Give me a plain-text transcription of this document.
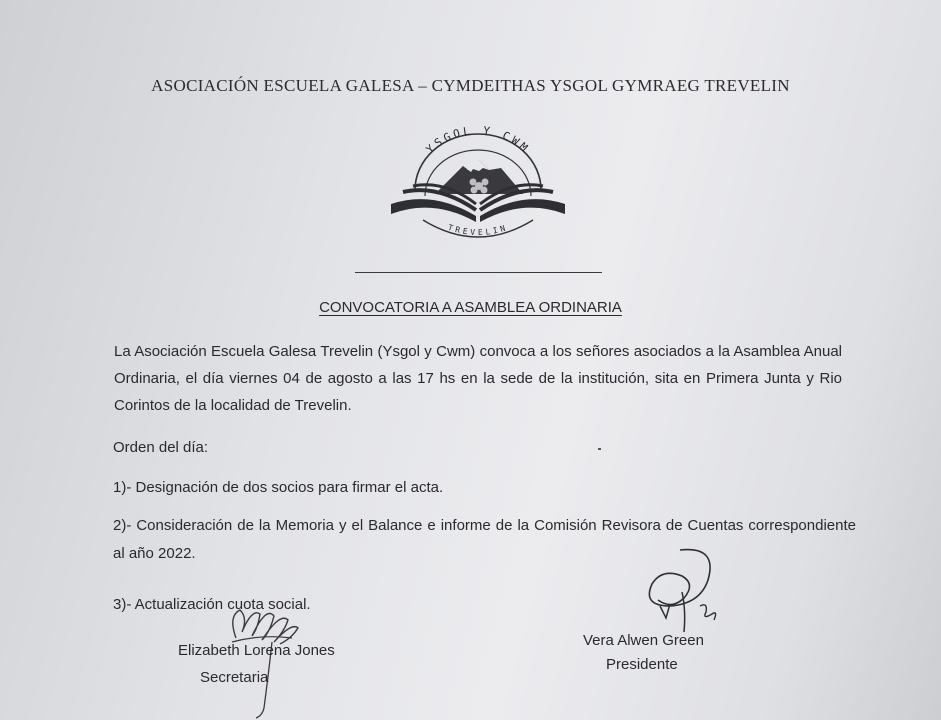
ASOCIACIÓN ESCUELA GALESA – CYMDEITHAS YSGOL GYMRAEG TREVELIN
YSGOL Y CWM
TREVELIN
CONVOCATORIA A ASAMBLEA ORDINARIA
La Asociación Escuela Galesa Trevelin (Ysgol y Cwm) convoca a los señores asociados a la Asamblea Anual Ordinaria, el día viernes 04 de agosto a las 17 hs en la sede de la institución, sita en Primera Junta y Rio Corintos de la localidad de Trevelin.
Orden del día:
1)- Designación de dos socios para firmar el acta.
2)- Consideración de la Memoria y el Balance e informe de la Comisión Revisora de Cuentas correspondiente al año 2022.
3)- Actualización cuota social.
Elizabeth Lorena Jones
Secretaria
Vera Alwen Green
Presidente
